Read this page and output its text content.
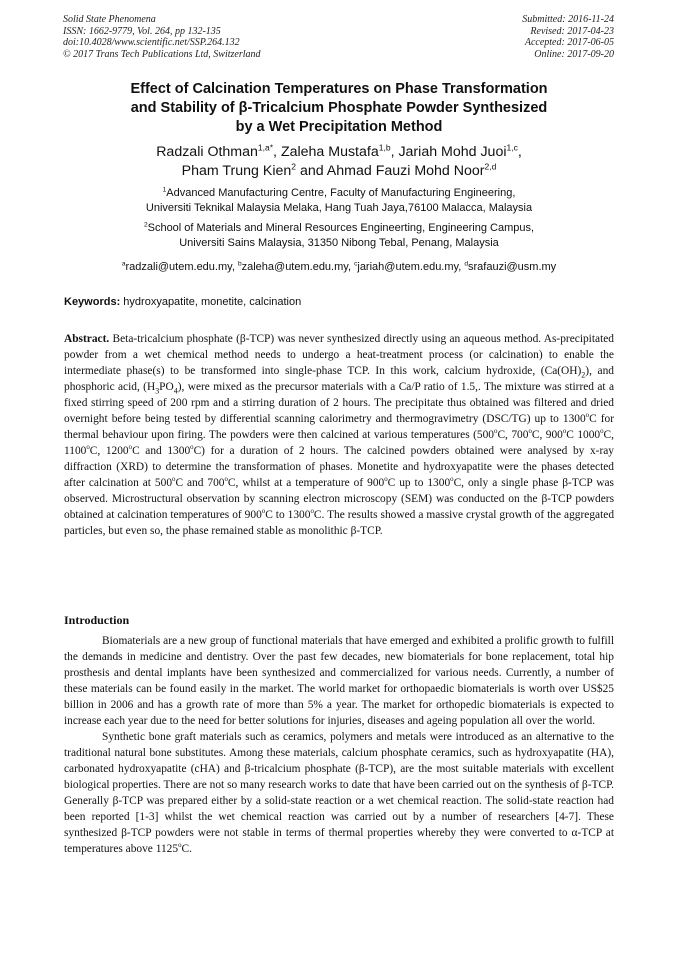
Solid State Phenomena
ISSN: 1662-9779, Vol. 264, pp 132-135
doi:10.4028/www.scientific.net/SSP.264.132
© 2017 Trans Tech Publications Ltd, Switzerland
Submitted: 2016-11-24
Revised: 2017-04-23
Accepted: 2017-06-05
Online: 2017-09-20
Effect of Calcination Temperatures on Phase Transformation
and Stability of β-Tricalcium Phosphate Powder Synthesized
by a Wet Precipitation Method
Radzali Othman$^{1,a*}$, Zaleha Mustafa$^{1,b}$, Jariah Mohd Juoi$^{1,c}$,
Pham Trung Kien$^2$ and Ahmad Fauzi Mohd Noor$^{2,d}$
$^1$Advanced Manufacturing Centre, Faculty of Manufacturing Engineering,
Universiti Teknikal Malaysia Melaka, Hang Tuah Jaya,76100 Malacca, Malaysia
$^2$School of Materials and Mineral Resources Engineerting, Engineering Campus,
Universiti Sains Malaysia, 31350 Nibong Tebal, Penang, Malaysia
$^a$radzali@utem.edu.my, $^b$zaleha@utem.edu.my, $^c$jariah@utem.edu.my, $^d$srafauzi@usm.my
Keywords: hydroxyapatite, monetite, calcination
Abstract. Beta-tricalcium phosphate (β-TCP) was never synthesized directly using an aqueous method. As-precipitated powder from a wet chemical method needs to undergo a heat-treatment process (or calcination) to enable the intermediate phase(s) to be transformed into single-phase TCP. In this work, calcium hydroxide, $(Ca(OH)_2)$, and phosphoric acid, $(H_3PO_4)$, were mixed as the precursor materials with a Ca/P ratio of 1.5,. The mixture was stirred at a fixed stirring speed of 200 rpm and a stirring duration of 2 hours. The precipitate thus obtained was filtered and dried overnight before being tested by differential scanning calorimetry and thermogravimetry (DSC/TG) up to 1300$^o$C for thermal behaviour upon firing. The powders were then calcined at various temperatures (500$^o$C, 700$^o$C, 900$^o$C 1000$^o$C, 1100$^o$C, 1200$^o$C and 1300$^o$C) for a duration of 2 hours. The calcined powders obtained were analysed by x-ray diffraction (XRD) to determine the transformation of phases. Monetite and hydroxyapatite were the phases detected after calcination at 500$^o$C and 700$^o$C, whilst at a temperature of 900$^o$C up to 1300$^o$C, only a single phase β-TCP was observed. Microstructural observation by scanning electron microscopy (SEM) was conducted on the β-TCP powders obtained at calcination temperatures of 900$^o$C to 1300$^o$C. The results showed a massive crystal growth of the aggregated particles, but even so, the phase remained stable as monolithic β-TCP.
Introduction

Biomaterials are a new group of functional materials that have emerged and exhibited a prolific growth to fulfill the demands in medicine and dentistry. Over the past few decades, new biomaterials for bone replacement, total hip prosthesis and dental implants have been synthesized and commercialized for various needs. Currently, a number of these materials can be found easily in the market. The world market for orthopaedic biomaterials is worth over US$25 billion in 2006 and has a growth rate of more than 5% a year. The market for orthopedic biomaterials is expected to increase each year due to the need for better solutions for injuries, diseases and ageing population all over the world.

Synthetic bone graft materials such as ceramics, polymers and metals were introduced as an alternative to the traditional natural bone substitutes. Among these materials, calcium phosphate ceramics, such as hydroxyapatite (HA), carbonated hydroxyapatite (cHA) and β-tricalcium phosphate (β-TCP), are the most suitable materials with excellent biological properties. There are not so many research works to date that have been carried out on the synthesis of β-TCP. Generally β-TCP was prepared either by a solid-state reaction or a wet chemical reaction. The solid-state reaction had been reported [1-3] whilst the wet chemical reaction was carried out by a number of researchers [4-7]. These synthesized β-TCP powders were not stable in terms of thermal properties whereby they were converted to α-TCP at temperatures above 1125$^o$C.
